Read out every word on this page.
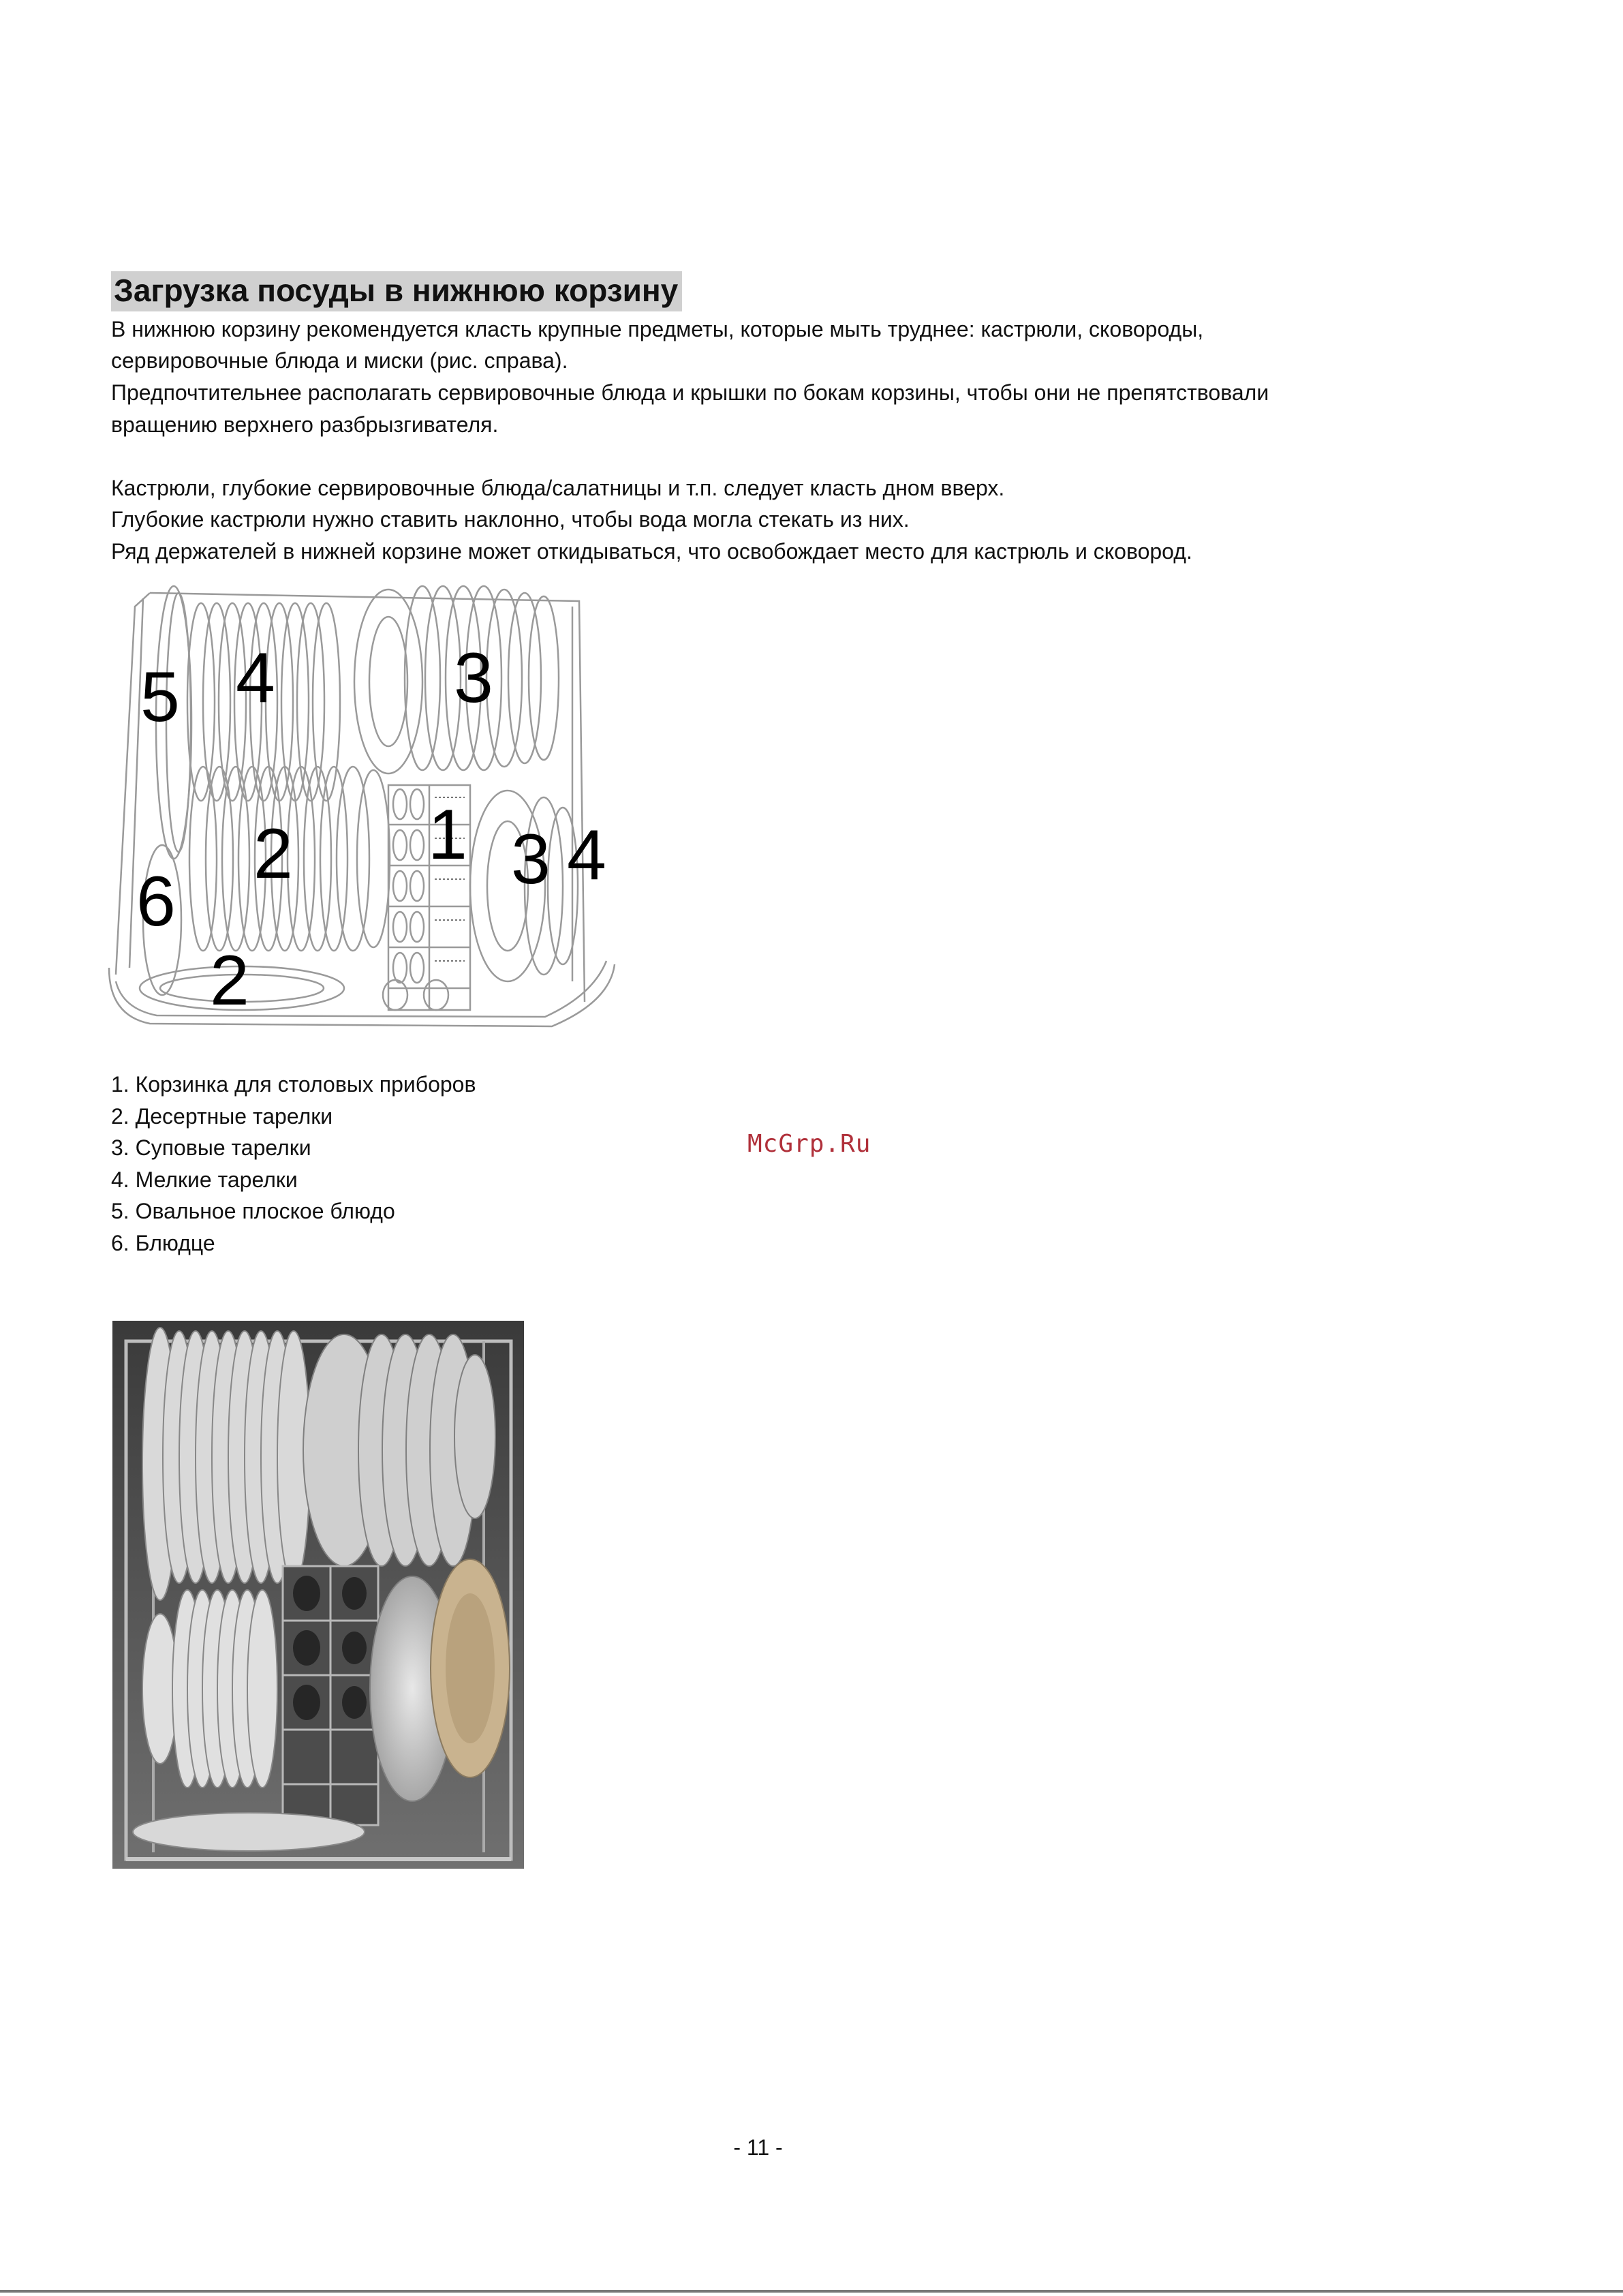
Загрузка посуды в нижнюю корзину

В нижнюю корзину рекомендуется класть крупные предметы, которые мыть труднее: кастрюли, сковороды,

сервировочные блюда и миски (рис. справа).

Предпочтительнее располагать сервировочные блюда и крышки по бокам корзины, чтобы они не препятствовали

вращению верхнего разбрызгивателя.

Кастрюли, глубокие сервировочные блюда/салатницы и т.п. следует класть дном вверх.

Глубокие кастрюли нужно ставить наклонно, чтобы вода могла стекать из них.

Ряд держателей в нижней корзине может откидываться, что освобождает место для кастрюль и сковород.

5 4	3
2 1 3 4
6
2
1. Корзинка для столовых приборов
2. Десертные тарелки
3. Суповые тарелки
4. Мелкие тарелки
5. Овальное плоское блюдо
6. Блюдце
McGrp.Ru
- 11 -
